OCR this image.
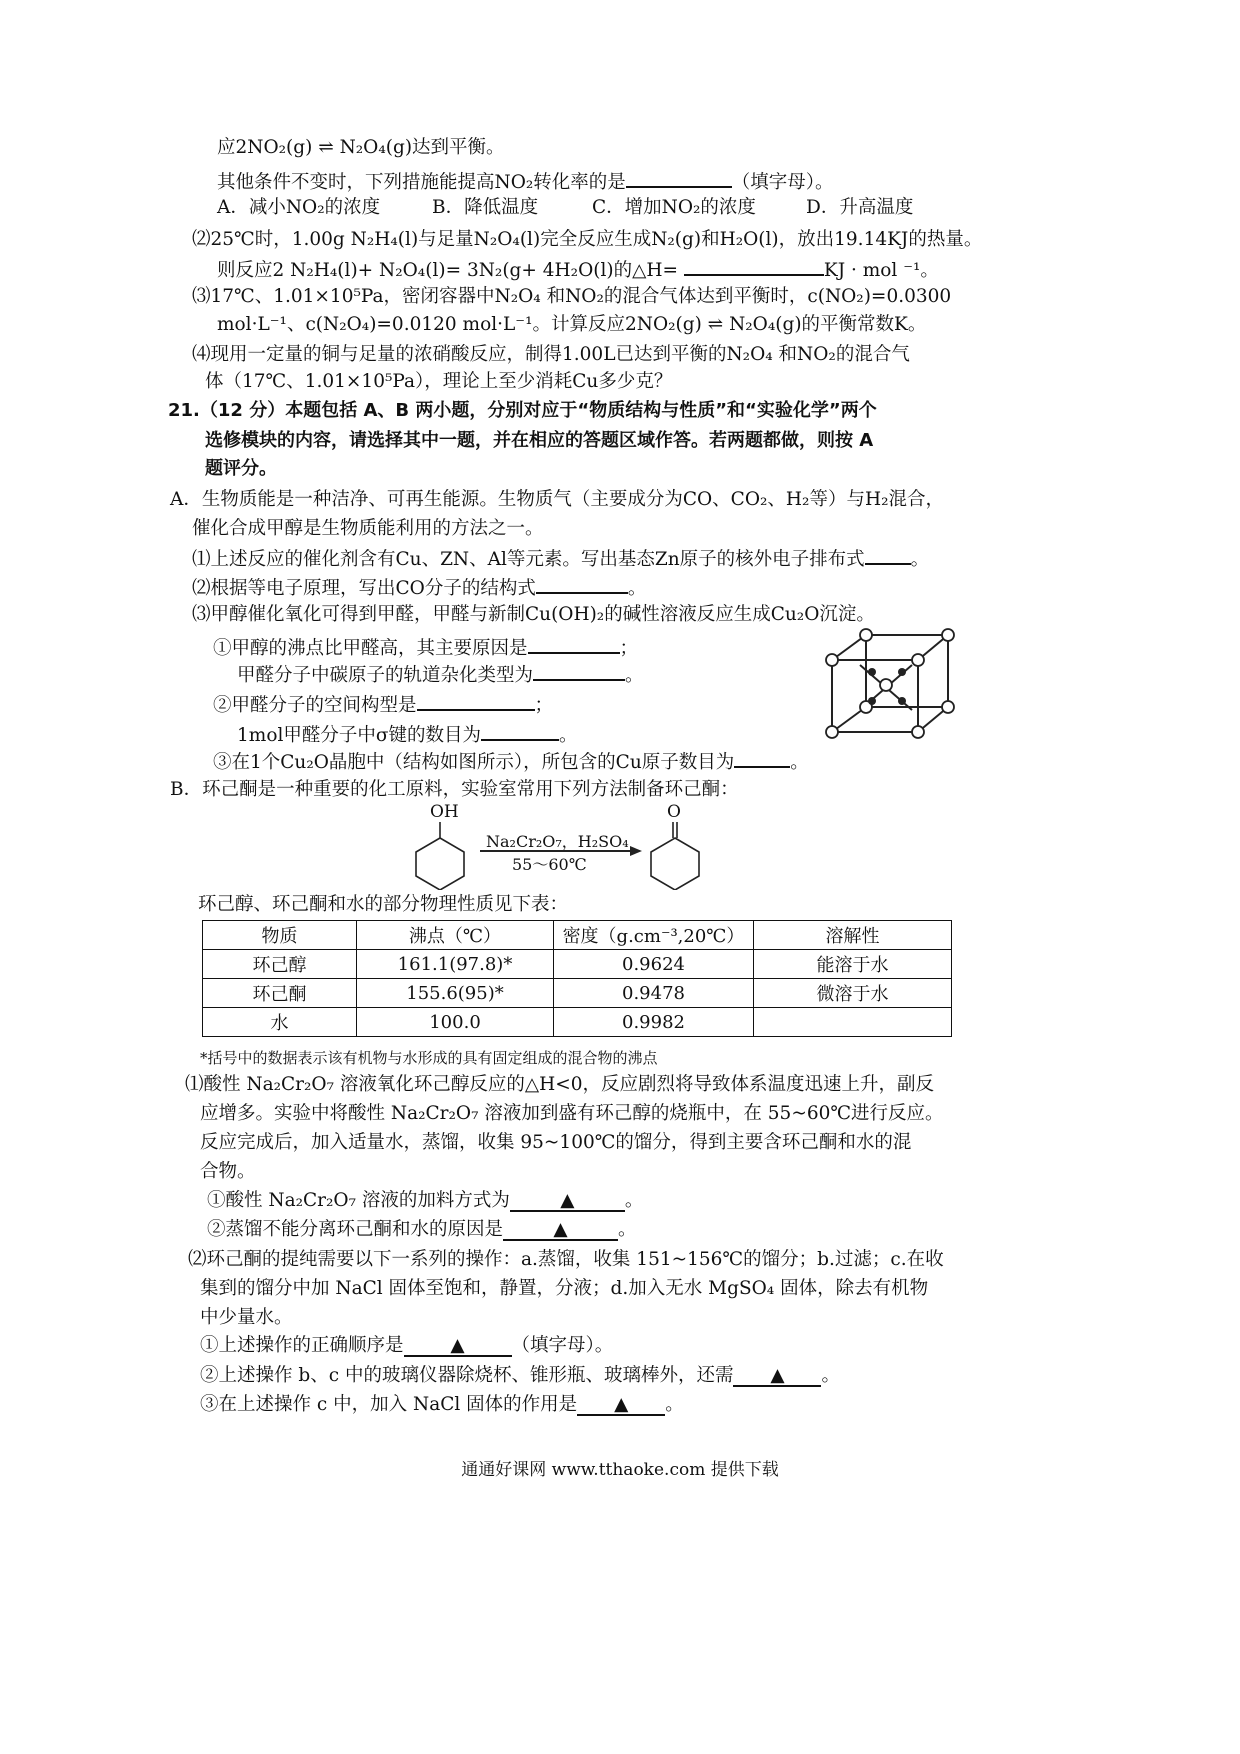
应2NO₂(g) ⇌ N₂O₄(g)达到平衡。
其他条件不变时，下列措施能提高NO₂转化率的是	（填字母）。
A．减小NO₂的浓度	B．降低温度	C．增加NO₂的浓度	D．升高温度
⑵25℃时，1.00g N₂H₄(l)与足量N₂O₄(l)完全反应生成N₂(g)和H₂O(l)，放出19.14KJ的热量。
则反应2 N₂H₄(l)+ N₂O₄(l)= 3N₂(g+ 4H₂O(l)的△H=	KJ · mol ⁻¹。
⑶17℃、1.01×10⁵Pa，密闭容器中N₂O₄ 和NO₂的混合气体达到平衡时，c(NO₂)=0.0300
mol·L⁻¹、c(N₂O₄)=0.0120 mol·L⁻¹。计算反应2NO₂(g) ⇌ N₂O₄(g)的平衡常数K。
⑷现用一定量的铜与足量的浓硝酸反应，制得1.00L已达到平衡的N₂O₄ 和NO₂的混合气
体（17℃、1.01×10⁵Pa），理论上至少消耗Cu多少克？
21.（12 分）本题包括 A、B 两小题，分别对应于“物质结构与性质”和“实验化学”两个
选修模块的内容，请选择其中一题，并在相应的答题区域作答。若两题都做，则按 A
题评分。
A．生物质能是一种洁净、可再生能源。生物质气（主要成分为CO、CO₂、H₂等）与H₂混合，
催化合成甲醇是生物质能利用的方法之一。
⑴上述反应的催化剂含有Cu、ZN、Al等元素。写出基态Zn原子的核外电子排布式 。
⑵根据等电子原理，写出CO分子的结构式	。
⑶甲醇催化氧化可得到甲醛，甲醛与新制Cu(OH)₂的碱性溶液反应生成Cu₂O沉淀。
①甲醇的沸点比甲醛高，其主要原因是	；
甲醛分子中碳原子的轨道杂化类型为	。
②甲醛分子的空间构型是	；
1mol甲醛分子中σ键的数目为	。
③在1个Cu₂O晶胞中（结构如图所示），所包含的Cu原子数目为	。
B．环己酮是一种重要的化工原料，实验室常用下列方法制备环己酮：
OH
Na₂Cr₂O₇，H₂SO₄
55～60℃
O
环己醇、环己酮和水的部分物理性质见下表：
物质	沸点（℃）	密度（g.cm⁻³,20℃）	溶解性
环己醇	161.1(97.8)*	0.9624	能溶于水
环己酮	155.6(95)*	0.9478	微溶于水
水	100.0	0.9982	
*括号中的数据表示该有机物与水形成的具有固定组成的混合物的沸点
⑴酸性 Na₂Cr₂O₇ 溶液氧化环己醇反应的△H<0，反应剧烈将导致体系温度迅速上升，副反
应增多。实验中将酸性 Na₂Cr₂O₇ 溶液加到盛有环己醇的烧瓶中，在 55~60℃进行反应。
反应完成后，加入适量水，蒸馏，收集 95~100℃的馏分，得到主要含环己酮和水的混
合物。
①酸性 Na₂Cr₂O₇ 溶液的加料方式为	▲	。
②蒸馏不能分离环己酮和水的原因是	▲	。
⑵环己酮的提纯需要以下一系列的操作：a.蒸馏，收集 151~156℃的馏分；b.过滤；c.在收
集到的馏分中加 NaCl 固体至饱和，静置，分液；d.加入无水 MgSO₄ 固体，除去有机物
中少量水。
①上述操作的正确顺序是	▲	（填字母）。
②上述操作 b、c 中的玻璃仪器除烧杯、锥形瓶、玻璃棒外，还需 ▲ 。
③在上述操作 c 中，加入 NaCl 固体的作用是 ▲ 。
通通好课网 www.tthaoke.com 提供下载
